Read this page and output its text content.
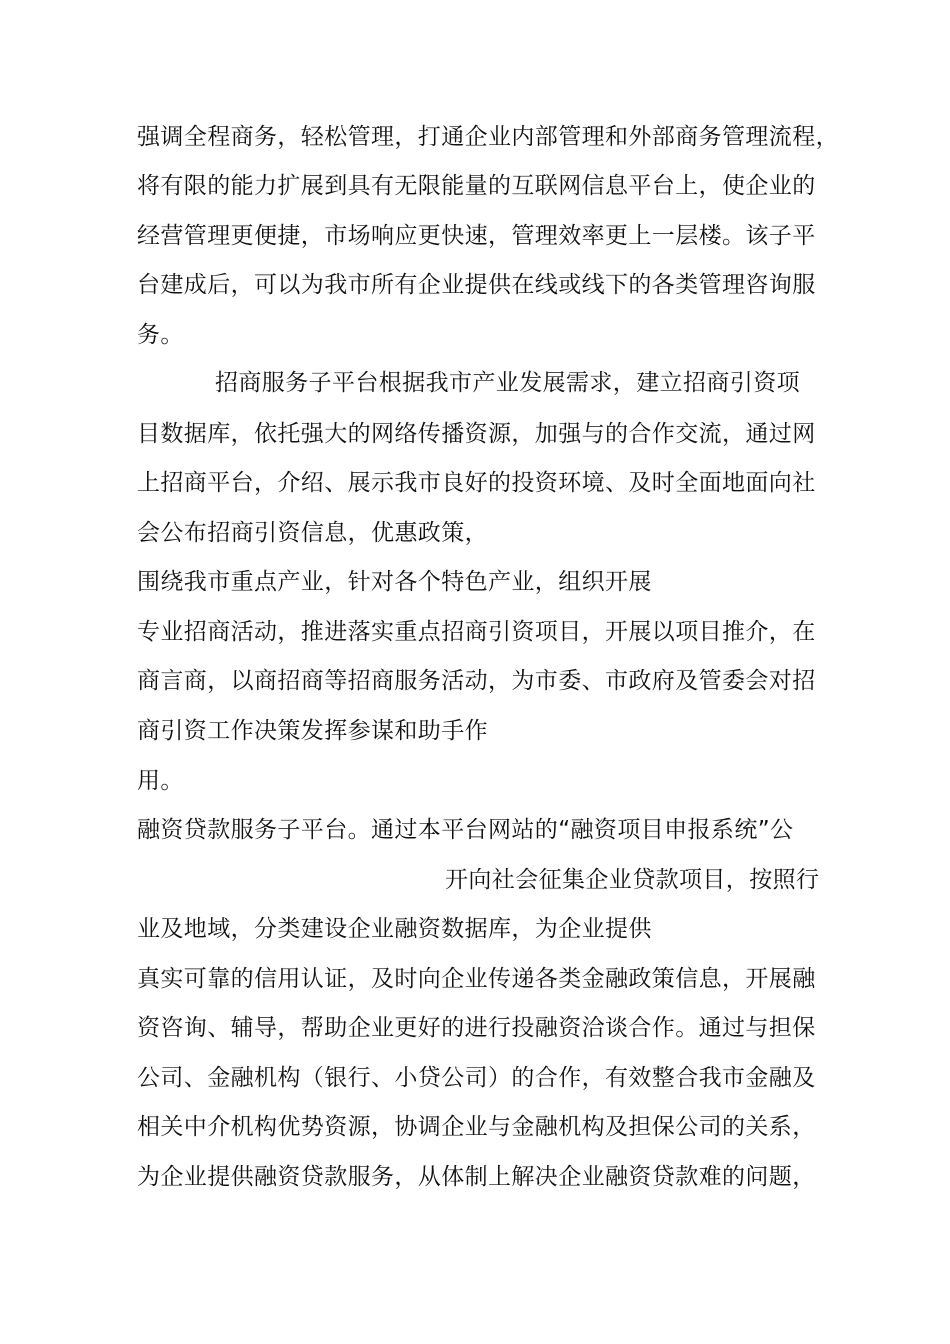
强调全程商务，轻松管理，打通企业内部管理和外部商务管理流程，
将有限的能力扩展到具有无限能量的互联网信息平台上，使企业的
经营管理更便捷，市场响应更快速，管理效率更上一层楼。该子平
台建成后，可以为我市所有企业提供在线或线下的各类管理咨询服
务。
招商服务子平台根据我市产业发展需求，建立招商引资项
目数据库，依托强大的网络传播资源，加强与的合作交流，通过网
上招商平台，介绍、展示我市良好的投资环境、及时全面地面向社
会公布招商引资信息，优惠政策，
围绕我市重点产业，针对各个特色产业，组织开展
专业招商活动，推进落实重点招商引资项目，开展以项目推介，在
商言商，以商招商等招商服务活动，为市委、市政府及管委会对招
商引资工作决策发挥参谋和助手作
用。
融资贷款服务子平台。通过本平台网站的“融资项目申报系统”公
开向社会征集企业贷款项目，按照行
业及地域，分类建设企业融资数据库，为企业提供
真实可靠的信用认证，及时向企业传递各类金融政策信息，开展融
资咨询、辅导，帮助企业更好的进行投融资洽谈合作。通过与担保
公司、金融机构（银行、小贷公司）的合作，有效整合我市金融及
相关中介机构优势资源，协调企业与金融机构及担保公司的关系，
为企业提供融资贷款服务，从体制上解决企业融资贷款难的问题，
